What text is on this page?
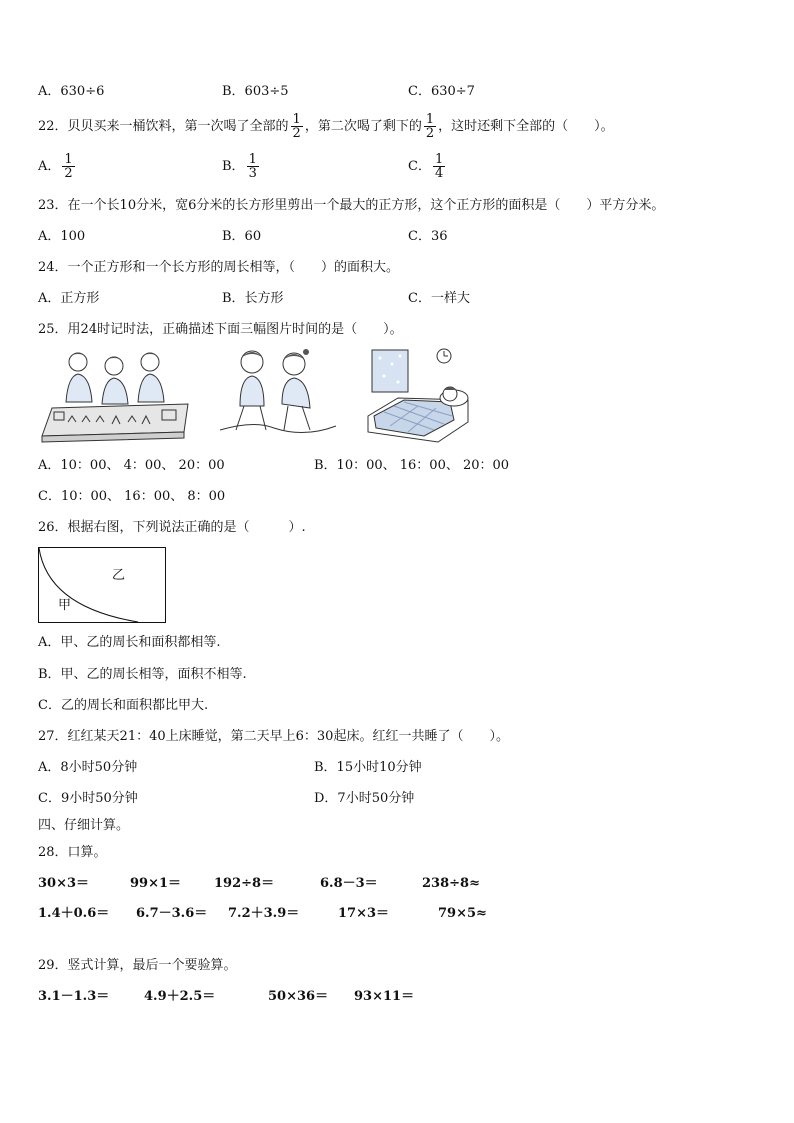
A．630÷6	B．603÷5	C．630÷7
22．贝贝买来一桶饮料，第一次喝了全部的 $\frac{1}{2}$ ，第二次喝了剩下的 $\frac{1}{2}$ ，这时还剩下全部的（　　）。
A． $\frac{1}{2}$	B． $\frac{1}{3}$	C． $\frac{1}{4}$
23．在一个长10分米，宽6分米的长方形里剪出一个最大的正方形，这个正方形的面积是（　　）平方分米。
A．100	B．60	C．36
24．一个正方形和一个长方形的周长相等，（　　）的面积大。
A．正方形	B．长方形	C．一样大
25．用24时记时法，正确描述下面三幅图片时间的是（　　）。
A．10：00、 4：00、 20：00	B．10：00、 16：00、 20：00
C．10：00、 16：00、 8：00
26．根据右图，下列说法正确的是（　　　）.
乙
甲
A．甲、乙的周长和面积都相等.
B．甲、乙的周长相等，面积不相等.
C．乙的周长和面积都比甲大.
27．红红某天21：40上床睡觉，第二天早上6：30起床。红红一共睡了（　　）。
A．8小时50分钟	B．15小时10分钟
C．9小时50分钟	D．7小时50分钟
四、仔细计算。
28．口算。
30×3＝	99×1＝	192÷8＝	6.8－3＝	238÷8≈
1.4＋0.6＝ 6.7－3.6＝ 7.2＋3.9＝	17×3＝	79×5≈
29．竖式计算，最后一个要验算。
3.1－1.3＝	4.9＋2.5＝	50×36＝ 93×11＝
